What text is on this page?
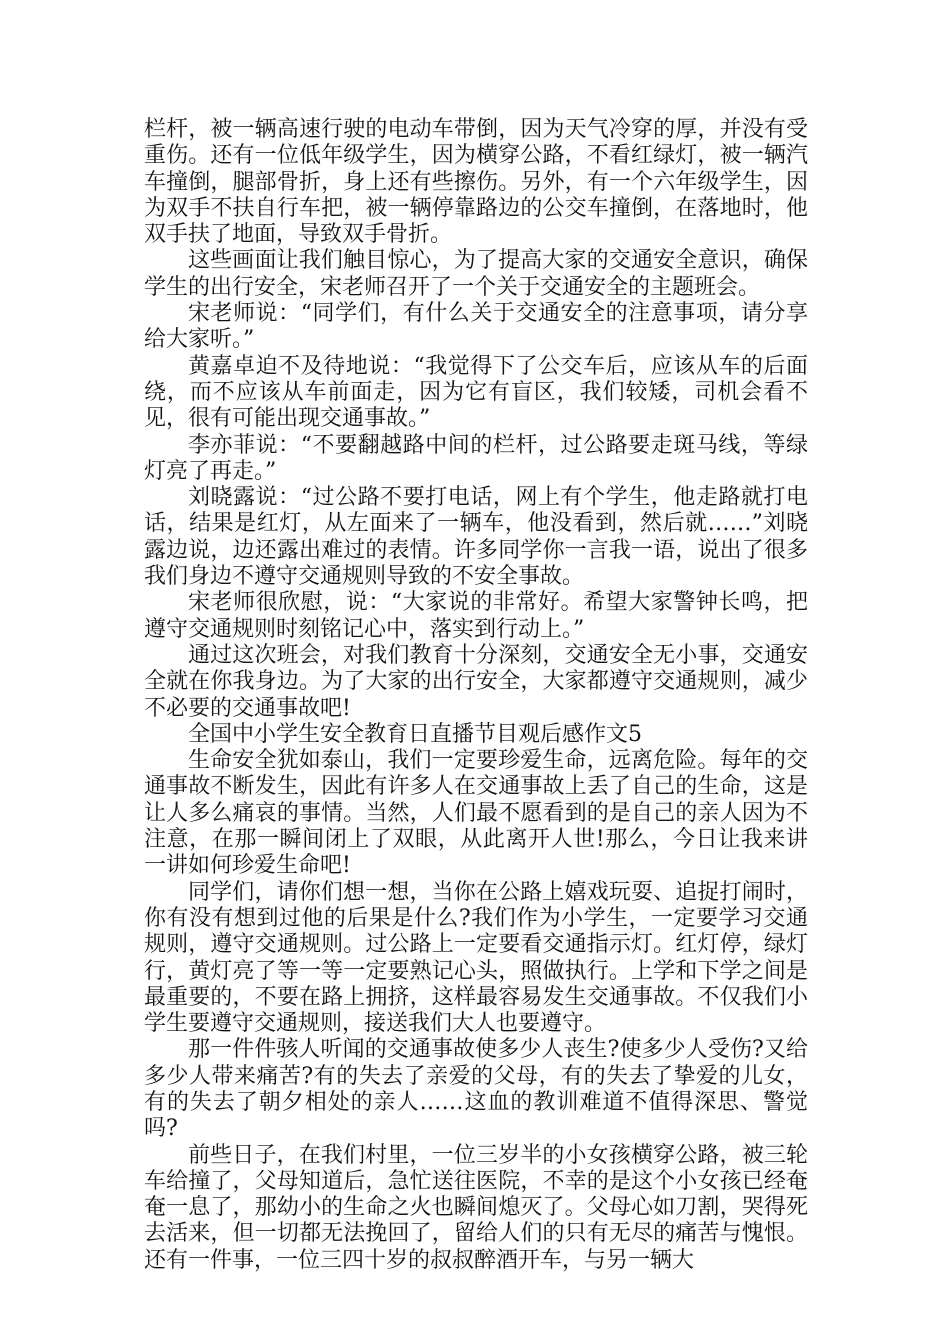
栏杆，被一辆高速行驶的电动车带倒，因为天气冷穿的厚，并没有受重伤。还有一位低年级学生，因为横穿公路，不看红绿灯，被一辆汽车撞倒，腿部骨折，身上还有些擦伤。另外，有一个六年级学生，因为双手不扶自行车把，被一辆停靠路边的公交车撞倒，在落地时，他双手扶了地面，导致双手骨折。

这些画面让我们触目惊心，为了提高大家的交通安全意识，确保学生的出行安全，宋老师召开了一个关于交通安全的主题班会。

宋老师说：“同学们，有什么关于交通安全的注意事项，请分享给大家听。”

黄嘉卓迫不及待地说：“我觉得下了公交车后，应该从车的后面绕，而不应该从车前面走，因为它有盲区，我们较矮，司机会看不见，很有可能出现交通事故。”

李亦菲说：“不要翻越路中间的栏杆，过公路要走斑马线，等绿灯亮了再走。”

刘晓露说：“过公路不要打电话，网上有个学生，他走路就打电话，结果是红灯，从左面来了一辆车，他没看到，然后就……”刘晓露边说，边还露出难过的表情。许多同学你一言我一语，说出了很多我们身边不遵守交通规则导致的不安全事故。

宋老师很欣慰，说：“大家说的非常好。希望大家警钟长鸣，把遵守交通规则时刻铭记心中，落实到行动上。”

通过这次班会，对我们教育十分深刻，交通安全无小事，交通安全就在你我身边。为了大家的出行安全，大家都遵守交通规则，减少不必要的交通事故吧!

全国中小学生安全教育日直播节目观后感作文5

生命安全犹如泰山，我们一定要珍爱生命，远离危险。每年的交通事故不断发生，因此有许多人在交通事故上丢了自己的生命，这是让人多么痛哀的事情。当然，人们最不愿看到的是自己的亲人因为不注意，在那一瞬间闭上了双眼，从此离开人世!那么，今日让我来讲一讲如何珍爱生命吧!

同学们，请你们想一想，当你在公路上嬉戏玩耍、追捉打闹时，你有没有想到过他的后果是什么?我们作为小学生，一定要学习交通规则，遵守交通规则。过公路上一定要看交通指示灯。红灯停，绿灯行，黄灯亮了等一等一定要熟记心头，照做执行。上学和下学之间是最重要的，不要在路上拥挤，这样最容易发生交通事故。不仅我们小学生要遵守交通规则，接送我们大人也要遵守。

那一件件骇人听闻的交通事故使多少人丧生?使多少人受伤?又给多少人带来痛苦?有的失去了亲爱的父母，有的失去了挚爱的儿女，有的失去了朝夕相处的亲人……这血的教训难道不值得深思、警觉吗?

前些日子，在我们村里，一位三岁半的小女孩横穿公路，被三轮车给撞了，父母知道后，急忙送往医院，不幸的是这个小女孩已经奄奄一息了，那幼小的生命之火也瞬间熄灭了。父母心如刀割，哭得死去活来，但一切都无法挽回了，留给人们的只有无尽的痛苦与愧恨。还有一件事，一位三四十岁的叔叔醉酒开车，与另一辆大
